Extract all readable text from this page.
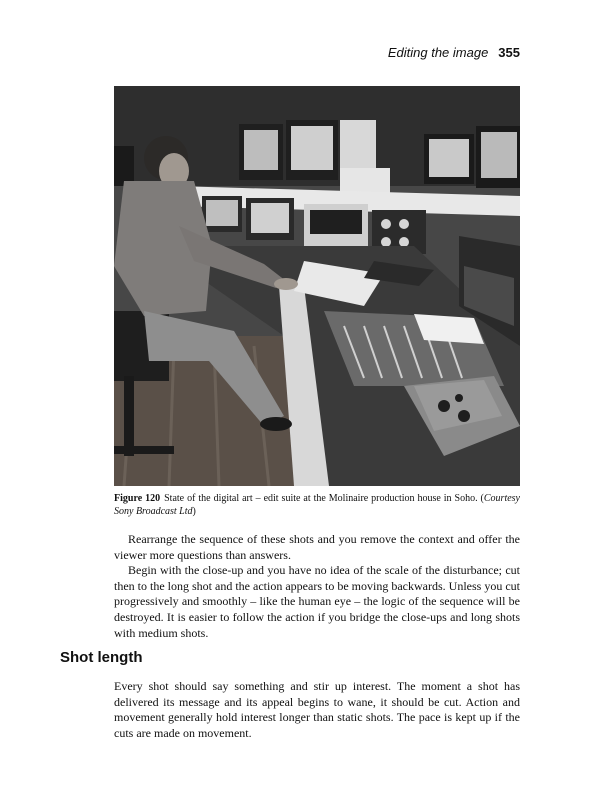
Editing the image 355
Figure 120 State of the digital art – edit suite at the Molinaire production house in Soho. (Courtesy Sony Broadcast Ltd)

Rearrange the sequence of these shots and you remove the context and offer the viewer more questions than answers.

Begin with the close-up and you have no idea of the scale of the disturbance; cut then to the long shot and the action appears to be moving backwards. Unless you cut progressively and smoothly – like the human eye – the logic of the sequence will be destroyed. It is easier to follow the action if you bridge the close-ups and long shots with medium shots.

Shot length

Every shot should say something and stir up interest. The moment a shot has delivered its message and its appeal begins to wane, it should be cut. Action and movement generally hold interest longer than static shots. The pace is kept up if the cuts are made on movement.
